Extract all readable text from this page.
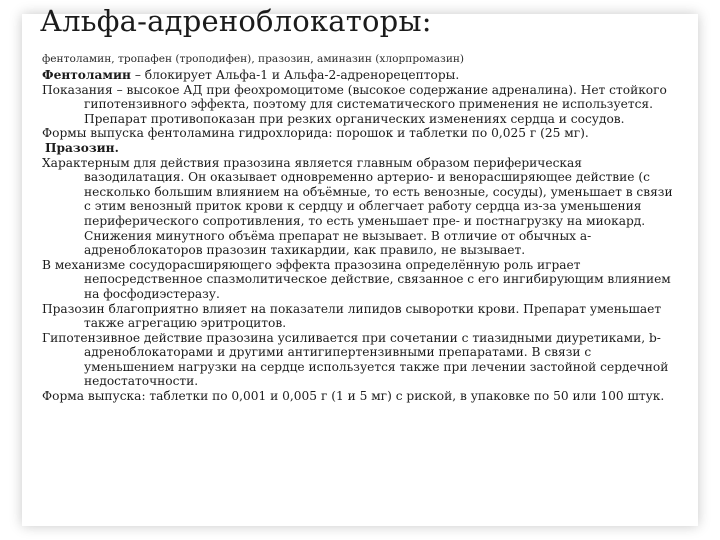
Альфа-адреноблокаторы:

фентоламин, тропафен (троподифен), празозин, аминазин (хлорпромазин)

Фентоламин – блокирует Альфа-1 и Альфа-2-адренорецепторы.

Показания – высокое АД при феохромоцитоме (высокое содержание адреналина). Нет стойкого гипотензивного эффекта, поэтому для систематического применения не используется. Препарат противопоказан при резких органических изменениях сердца и сосудов.

Формы выпуска фентоламина гидрохлорида: порошок и таблетки по 0,025 г (25 мг).

Празозин.

Характерным для действия празозина является главным образом периферическая вазодилатация. Он оказывает одновременно артерио- и венорасширяющее действие (с несколько большим влиянием на объёмные, то есть венозные, сосуды), уменьшает в связи с этим венозный приток крови к сердцу и облегчает работу сердца из-за уменьшения периферического сопротивления, то есть уменьшает пре- и постнагрузку на миокард. Снижения минутного объёма препарат не вызывает. В отличие от обычных а-адреноблокаторов празозин тахикардии, как правило, не вызывает.

В механизме сосудорасширяющего эффекта празозина определённую роль играет непосредственное спазмолитическое действие, связанное с его ингибирующим влиянием на фосфодиэстеразу.

Празозин благоприятно влияет на показатели липидов сыворотки крови. Препарат уменьшает также агрегацию эритроцитов.

Гипотензивное действие празозина усиливается при сочетании с тиазидными диуретиками, b-адреноблокаторами и другими антигипертензивными препаратами. В связи с уменьшением нагрузки на сердце используется также при лечении застойной сердечной недостаточности.

Форма выпуска: таблетки по 0,001 и 0,005 г (1 и 5 мг) с риской, в упаковке по 50 или 100 штук.
